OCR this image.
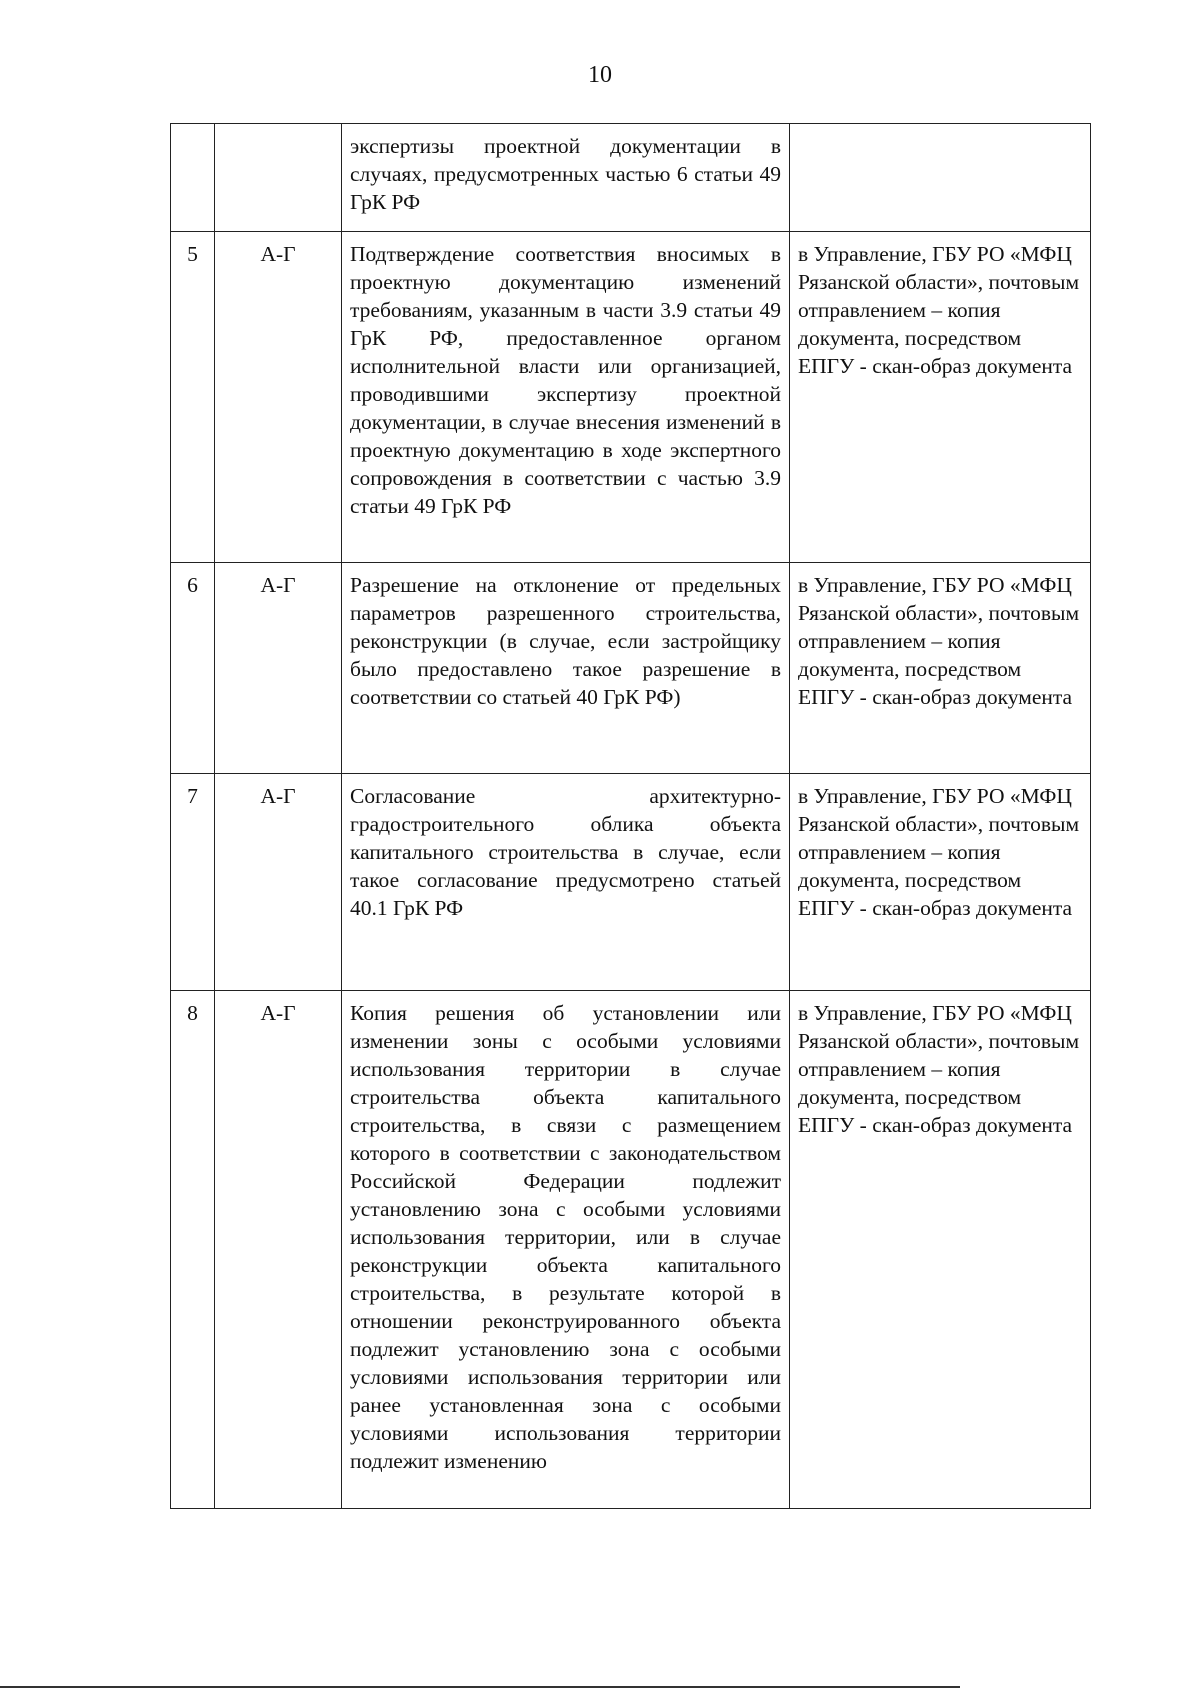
10
		экспертизы проектной документации в случаях, предусмотренных частью 6 статьи 49 ГрК РФ	
5	А-Г	Подтверждение соответствия вносимых в проектную документацию изменений требованиям, указанным в части 3.9 статьи 49 ГрК РФ, предоставленное органом исполнительной власти или организацией, проводившими экспертизу проектной документации, в случае внесения изменений в проектную документацию в ходе экспертного сопровождения в соответствии с частью 3.9 статьи 49 ГрК РФ	в Управление, ГБУ РО «МФЦ Рязанской области», почтовым отправлением – копия документа, посредством ЕПГУ - скан-образ документа
6	А-Г	Разрешение на отклонение от предельных параметров разрешенного строительства, реконструкции (в случае, если застройщику было предоставлено такое разрешение в соответствии со статьей 40 ГрК РФ)	в Управление, ГБУ РО «МФЦ Рязанской области», почтовым отправлением – копия документа, посредством ЕПГУ - скан-образ документа
7	А-Г	Согласование архитектурно-градостроительного облика объекта капитального строительства в случае, если такое согласование предусмотрено статьей 40.1 ГрК РФ	в Управление, ГБУ РО «МФЦ Рязанской области», почтовым отправлением – копия документа, посредством ЕПГУ - скан-образ документа
8	А-Г	Копия решения об установлении или изменении зоны с особыми условиями использования территории в случае строительства объекта капитального строительства, в связи с размещением которого в соответствии с законодательством Российской Федерации подлежит установлению зона с особыми условиями использования территории, или в случае реконструкции объекта капитального строительства, в результате которой в отношении реконструированного объекта подлежит установлению зона с особыми условиями использования территории или ранее установленная зона с особыми условиями использования территории подлежит изменению	в Управление, ГБУ РО «МФЦ Рязанской области», почтовым отправлением – копия документа, посредством ЕПГУ - скан-образ документа
